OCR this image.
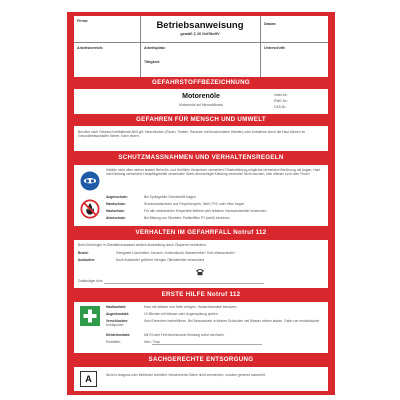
Firma:	Betriebsanweisung
gemäß § 20 GefStoffV
Datum:
Arbeitsbereich:	Arbeitsplatz:
Tätigkeit:
Unterschrift:
GEFAHRSTOFFBEZEICHNUNG
Motorenöle
Motorenöle auf Mineralölbasis
Index-Nr.:
EWG-Nr.:
CAS-Nr.:
GEFAHREN FÜR MENSCH UND UMWELT
Bei dem nach Gebrauch entfallende Altöl gilt: Verschlucken (Essen, Trinken, Rauchen mit beschmutzten Händen) oder Aufnahme durch die Haut können zu Gesundheitsschäden führen. Kann reizen.
SCHUTZMASSNAHMEN UND VERHALTENSREGELN
Gefäße nicht offen stehen lassen! Beim Ab- und Umfüllen Verspritzen vermeiden! Ölnebelbildung möglichst vermeiden! Berührung mit Augen, Haut und Kleidung vermeiden! Hautpflegemittel verwenden! Stark verunreinigte Kleidung wechseln! Nicht rauchen, kein offenes Licht oder Feuer!
Augenschutz:	Bei Spritzgefahr Schutzbrille tragen
Handschutz:	Schutzhandschuhe aus Polychloropren, Nitril, PVC oder Viton tragen
Hautschutz:	Für alle unbedeckten Körperteile fettfreie oder fettarme Hautschutzmittel verwenden
Atemschutz:	Bei Bildung von Ölnebeln: Partikelfilter P2 (weiß) benutzen
VERHALTEN IM GEFAHRFALL Notruf 112
Beim Einbringen in Oberflächenwasser weitere Ausbreitung durch Ölsperren verhindern.
Brand:	Geeignete Löschmittel: Schaum, Kohlendioxid, Wassernebel ! Kein Wasserstrahl !
Auslaufen:	Noch Ausleckter größerer Mengen Ölbindemittel verwenden!
Zuständiger Arzt:
ERSTE HILFE Notruf 112
Hautkontakt:	Haut mit Wasser und Seife reinigen. Hautschutzmittel benutzen.
Augenkontakt:	10 Minuten mit Wasser oder Augenspülung spülen.
Verschlucken:	Kein Erbrechen herbeiführen. Bei Bewusstsein in kleinen Schlucken viel Wasser trinken lassen. Gabe von medizinischer Kohlepulver.
Kleiderkontakt:	Mit Öl oder Fett beschmutzte Kleidung sofort wechseln.
Ersthelfer:	Herr / Frau
SACHGERECHTE ENTSORGUNG
A	Nicht in Ausguss oder Mülltonne schütten! Verschmierte Dielen nicht vermischen, sondern getrennt sammeln!
